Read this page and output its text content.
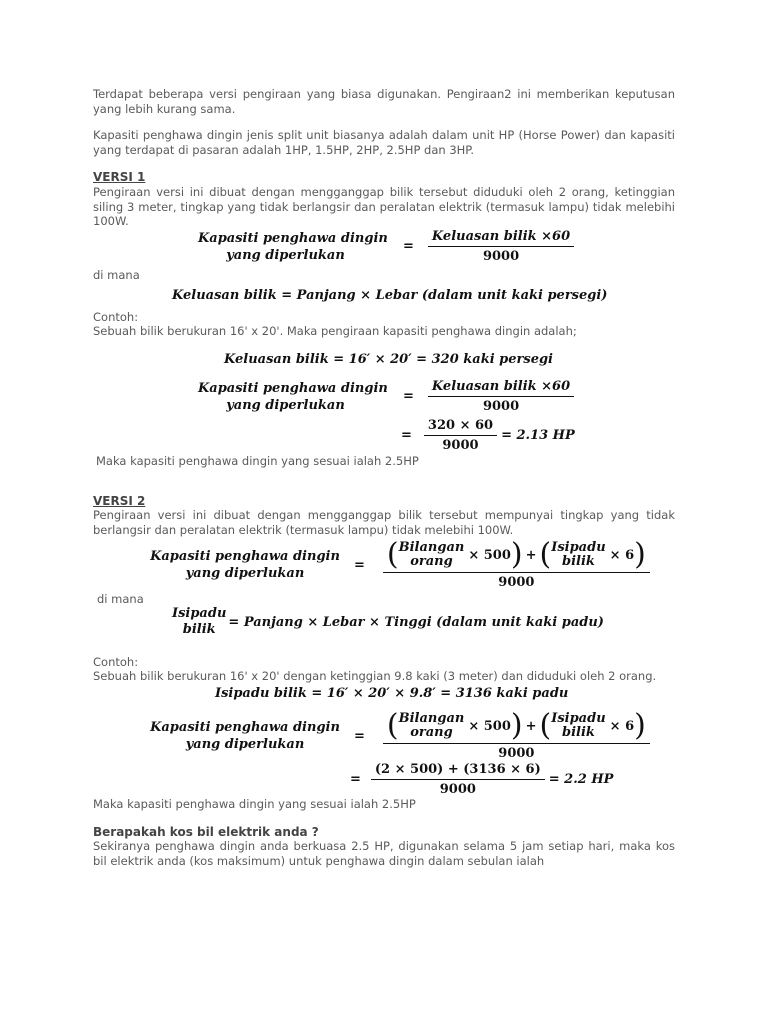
Terdapat beberapa versi pengiraan yang biasa digunakan. Pengiraan2 ini memberikan keputusan yang lebih kurang sama.

Kapasiti penghawa dingin jenis split unit biasanya adalah dalam unit HP (Horse Power) dan kapasiti yang terdapat di pasaran adalah 1HP, 1.5HP, 2HP, 2.5HP dan 3HP.

VERSI 1

Pengiraan versi ini dibuat dengan mengganggap bilik tersebut diduduki oleh 2 orang, ketinggian siling 3 meter, tingkap yang tidak berlangsir dan peralatan elektrik (termasuk lampu) tidak melebihi 100W.

Kapasiti penghawa dingin
yang diperlukan
= $\frac{\text{Keluasan bilik ×60}}{9000}$

di mana

Keluasan bilik = Panjang × Lebar (dalam unit kaki persegi)

Contoh:

Sebuah bilik berukuran 16' x 20'. Maka pengiraan kapasiti penghawa dingin adalah;

Keluasan bilik = 16′ × 20′ = 320 kaki persegi
Kapasiti penghawa dingin
yang diperlukan
= $\frac{\text{Keluasan bilik ×60}}{9000}$
= $\frac{320 \times 60}{9000} = 2.13$ HP

Maka kapasiti penghawa dingin yang sesuai ialah 2.5HP

VERSI 2

Pengiraan versi ini dibuat dengan mengganggap bilik tersebut mempunyai tingkap yang tidak berlangsir dan peralatan elektrik (termasuk lampu) tidak melebihi 100W.

Kapasiti penghawa dingin
yang diperlukan
= ( Bilangan
orang × 500 ) + ( Isipadu
bilik × 6 )
9000

di mana

Isipadu
bilik = Panjang × Lebar × Tinggi (dalam unit kaki padu)

Contoh:

Sebuah bilik berukuran 16' x 20' dengan ketinggian 9.8 kaki (3 meter) dan diduduki oleh 2 orang.

Isipadu bilik = 16′ × 20′ × 9.8′ = 3136 kaki padu
Kapasiti penghawa dingin
yang diperlukan
= ( Bilangan
orang × 500 ) + ( Isipadu
bilik × 6 )
9000
= $\frac{(2 \times 500) + (3136 \times 6)}{9000} = 2.2$ HP

Maka kapasiti penghawa dingin yang sesuai ialah 2.5HP

Berapakah kos bil elektrik anda ?

Sekiranya penghawa dingin anda berkuasa 2.5 HP, digunakan selama 5 jam setiap hari, maka kos bil elektrik anda (kos maksimum) untuk penghawa dingin dalam sebulan ialah
